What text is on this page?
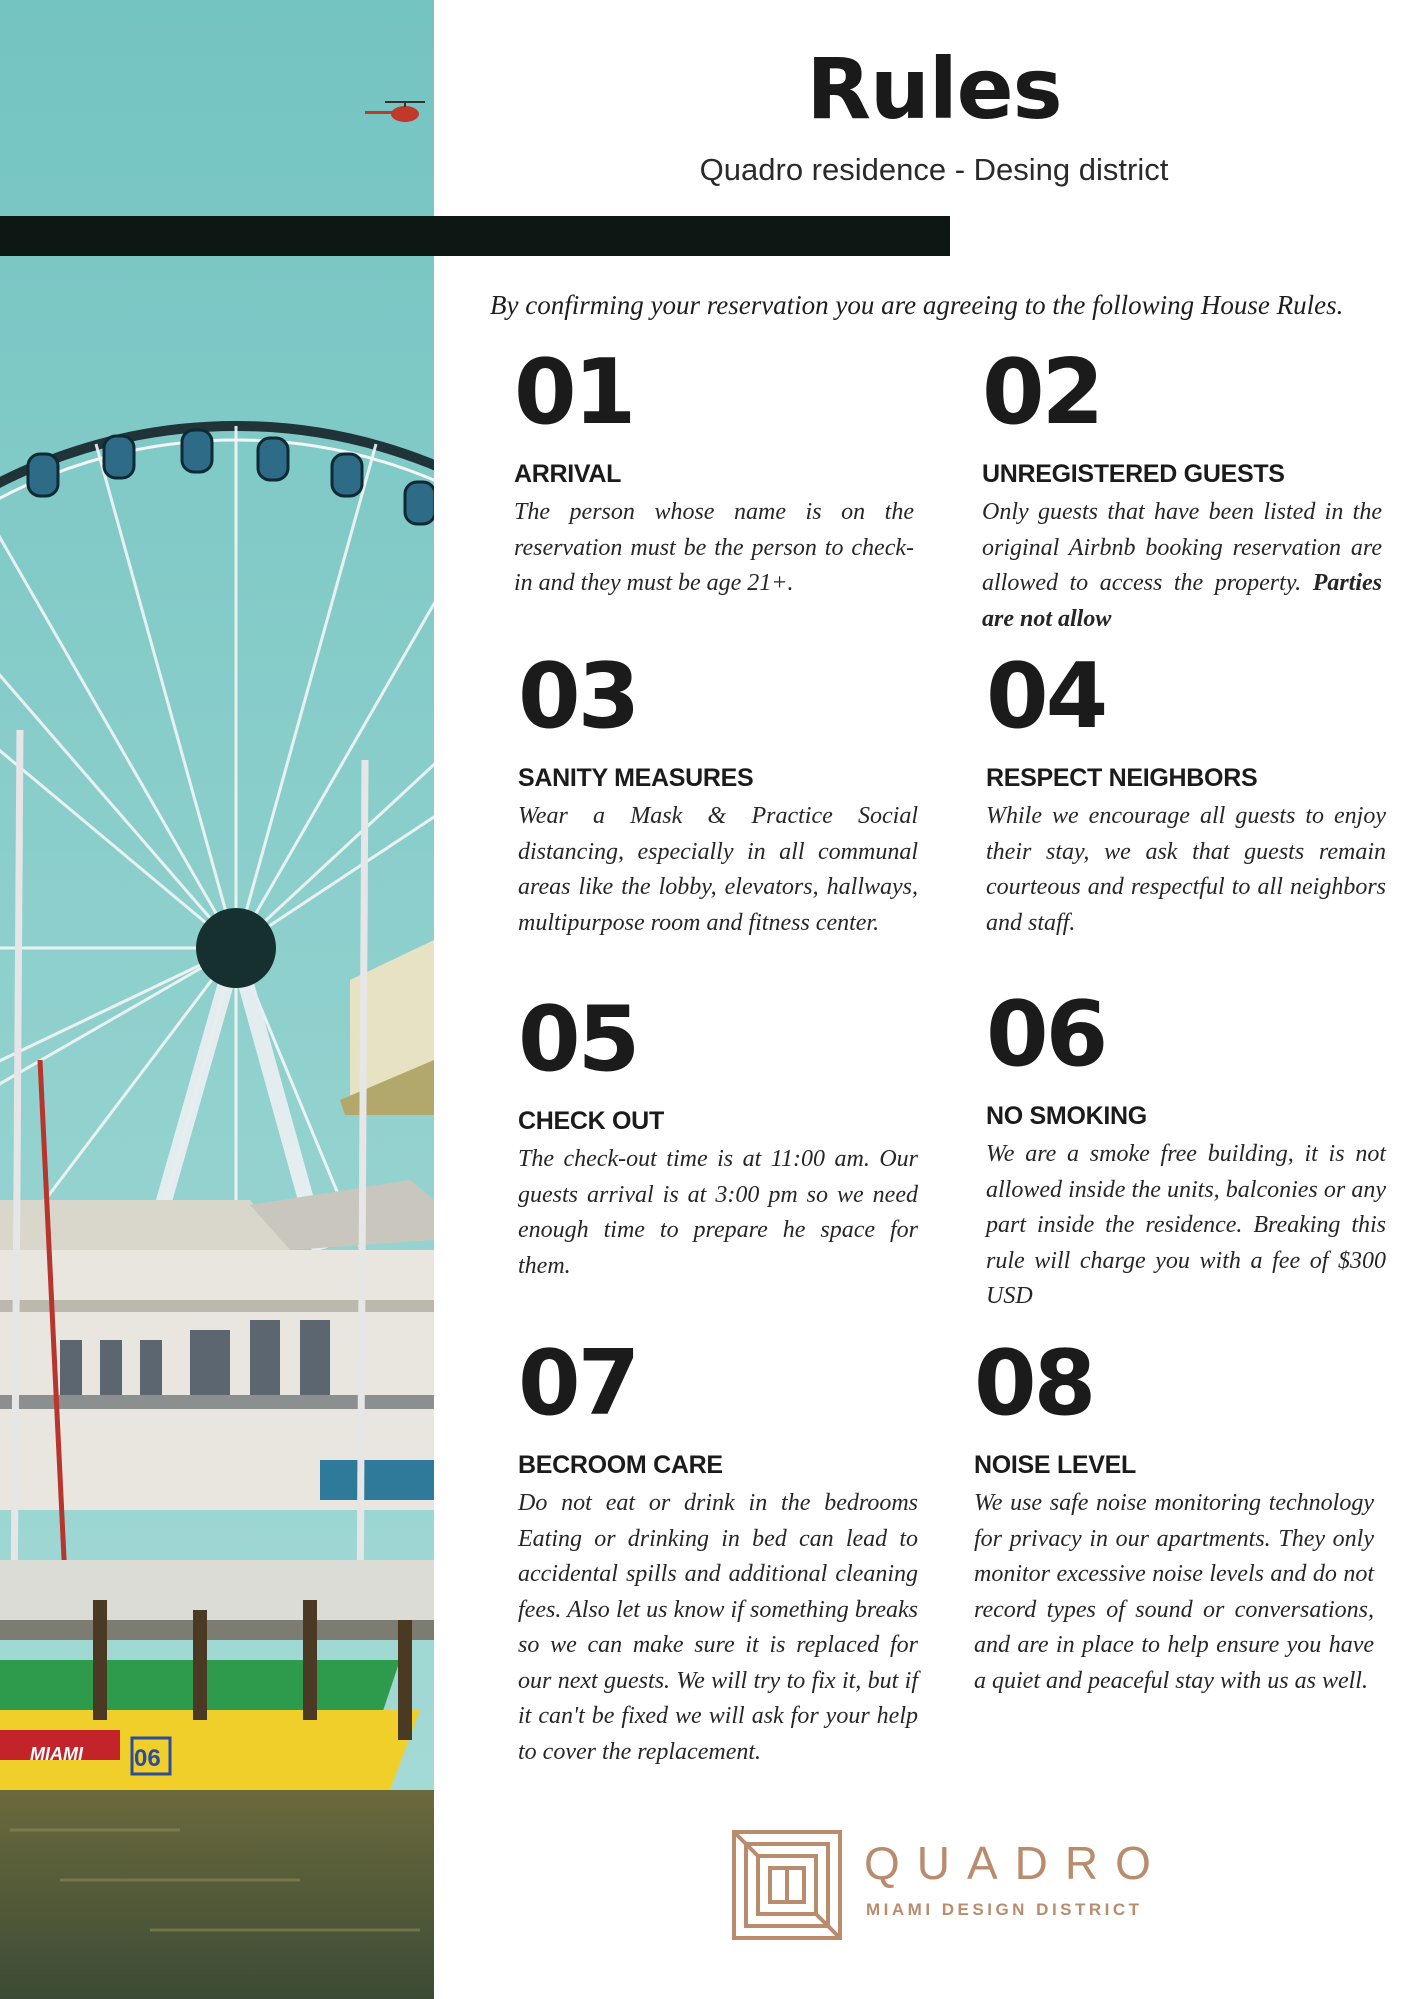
MIAMI 06
Rules
Quadro residence - Desing district
By confirming your reservation you are agreeing to the following House Rules.
01
ARRIVAL
The person whose name is on the reservation must be the person to check-in and they must be age 21+.
02
UNREGISTERED GUESTS
Only guests that have been listed in the original Airbnb booking reservation are allowed to access the property. Parties are not allow
03
SANITY MEASURES
Wear a Mask & Practice Social distancing, especially in all communal areas like the lobby, elevators, hallways, multipurpose room and fitness center.
04
RESPECT NEIGHBORS
While we encourage all guests to enjoy their stay, we ask that guests remain courteous and respectful to all neighbors and staff.
05
CHECK OUT
The check-out time is at 11:00 am. Our guests arrival is at 3:00 pm so we need enough time to prepare he space for them.
06
NO SMOKING
We are a smoke free building, it is not allowed inside the units, balconies or any part inside the residence. Breaking this rule will charge you with a fee of $300 USD
07
BECROOM CARE
Do not eat or drink in the bedrooms Eating or drinking in bed can lead to accidental spills and additional cleaning fees. Also let us know if something breaks so we can make sure it is replaced for our next guests. We will try to fix it, but if it can't be fixed we will ask for your help to cover the replacement.
08
NOISE LEVEL
We use safe noise monitoring technology for privacy in our apartments. They only monitor excessive noise levels and do not record types of sound or conversations, and are in place to help ensure you have a quiet and peaceful stay with us as well.
QUADRO
MIAMI DESIGN DISTRICT
